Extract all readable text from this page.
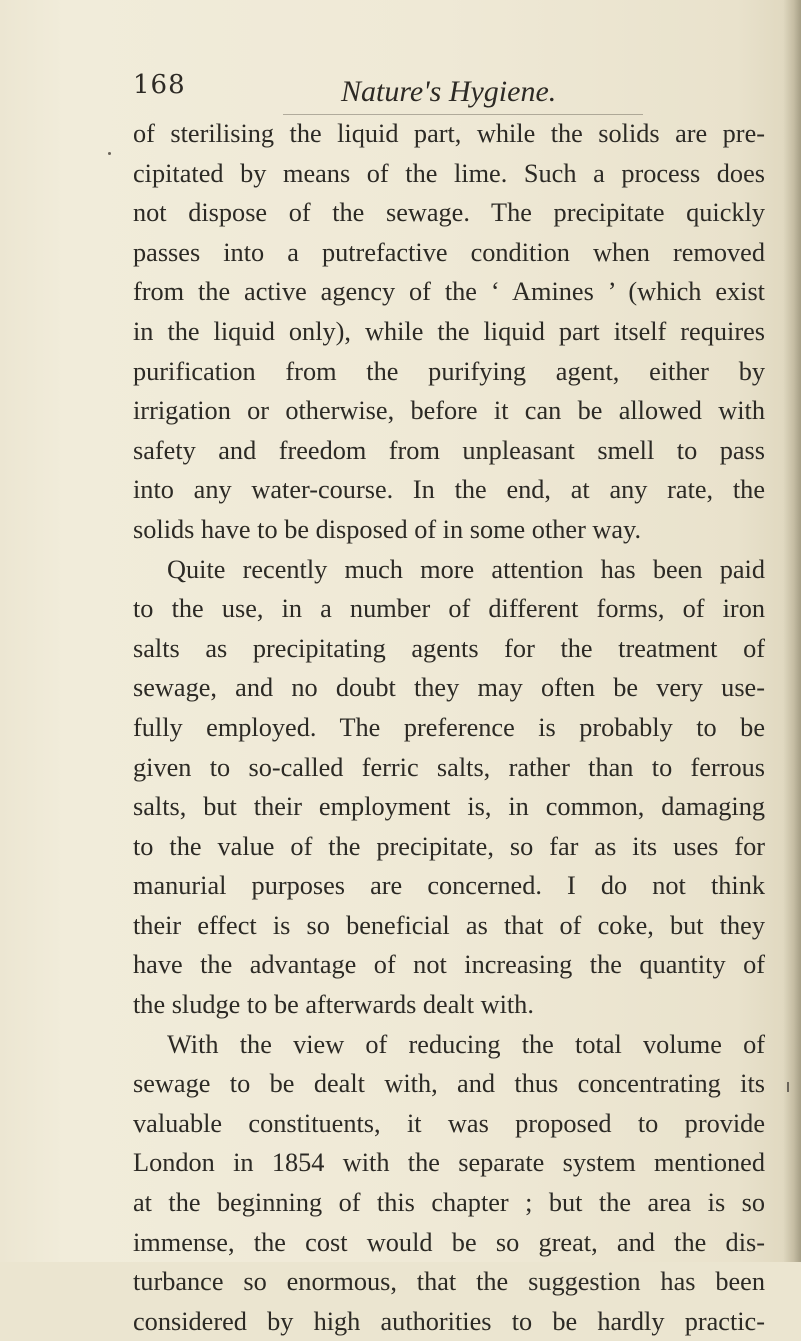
168	Nature's Hygiene.
of sterilising the liquid part, while the solids are pre-
cipitated by means of the lime. Such a process does
not dispose of the sewage. The precipitate quickly
passes into a putrefactive condition when removed
from the active agency of the ‘ Amines ’ (which exist
in the liquid only), while the liquid part itself requires
purification from the purifying agent, either by
irrigation or otherwise, before it can be allowed with
safety and freedom from unpleasant smell to pass
into any water-course. In the end, at any rate, the
solids have to be disposed of in some other way.
Quite recently much more attention has been paid
to the use, in a number of different forms, of iron
salts as precipitating agents for the treatment of
sewage, and no doubt they may often be very use-
fully employed. The preference is probably to be
given to so-called ferric salts, rather than to ferrous
salts, but their employment is, in common, damaging
to the value of the precipitate, so far as its uses for
manurial purposes are concerned. I do not think
their effect is so beneficial as that of coke, but they
have the advantage of not increasing the quantity of
the sludge to be afterwards dealt with.
With the view of reducing the total volume of
sewage to be dealt with, and thus concentrating its
valuable constituents, it was proposed to provide
London in 1854 with the separate system mentioned
at the beginning of this chapter ; but the area is so
immense, the cost would be so great, and the dis-
turbance so enormous, that the suggestion has been
considered by high authorities to be hardly practic-
